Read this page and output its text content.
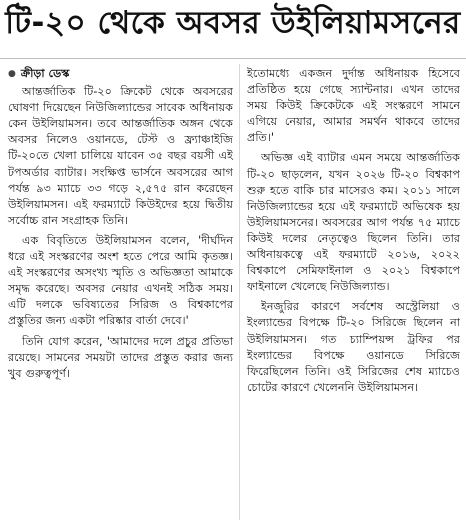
টি-২০ থেকে অবসর উইলিয়ামসনের
● ক্রীড়া ডেস্ক

আন্তর্জাতিক টি-২০ ক্রিকেট থেকে অবসরের ঘোষণা দিয়েছেন নিউজিল্যান্ডের সাবেক অধিনায়ক কেন উইলিয়ামসন। তবে আন্তর্জাতিক অঙ্গন থেকে অবসর নিলেও ওয়ানডে, টেস্ট ও ফ্র্যাঞ্চাইজি টি-২০তে খেলা চালিয়ে যাবেন ৩৫ বছর বয়সী এই টপঅর্ডার ব্যাটার। সংক্ষিপ্ত ভার্সনে অবসরের আগ পর্যন্ত ৯৩ ম্যাচে ৩৩ গড়ে ২,৫৭৫ রান করেছেন উইলিয়ামসন। এই ফরম্যাটে কিউইদের হয়ে দ্বিতীয় সর্বোচ্চ রান সংগ্রাহক তিনি।

এক বিবৃতিতে উইলিয়ামসন বলেন, 'দীর্ঘদিন ধরে এই সংস্করণের অংশ হতে পেরে আমি কৃতজ্ঞ। এই সংস্করণের অসংখ্য স্মৃতি ও অভিজ্ঞতা আমাকে সমৃদ্ধ করেছে। অবসর নেয়ার এখনই সঠিক সময়। এটি দলকে ভবিষ্যতের সিরিজ ও বিশ্বকাপের প্রস্তুতির জন্য একটা পরিষ্কার বার্তা দেবে।'

তিনি যোগ করেন, 'আমাদের দলে প্রচুর প্রতিভা রয়েছে। সামনের সময়টা তাদের প্রস্তুত করার জন্য খুব গুরুত্বপূর্ণ।

ইতোমধ্যে একজন দুর্দান্ত অধিনায়ক হিসেবে প্রতিষ্ঠিত হয়ে গেছে স্যান্টনার। এখন তাদের সময় কিউই ক্রিকেটকে এই সংস্করণে সামনে এগিয়ে নেয়ার, আমার সমর্থন থাকবে তাদের প্রতি।'

অভিজ্ঞ এই ব্যাটার এমন সময়ে আন্তর্জাতিক টি-২০ ছাড়লেন, যখন ২০২৬ টি-২০ বিশ্বকাপ শুরু হতে বাকি চার মাসেরও কম। ২০১১ সালে নিউজিল্যান্ডের হয়ে এই ফরম্যাটে অভিষেক হয় উইলিয়ামসনের। অবসরের আগ পর্যন্ত ৭৫ ম্যাচে কিউই দলের নেতৃত্বেও ছিলেন তিনি। তার অধিনায়কত্বে এই ফরম্যাটে ২০১৬, ২০২২ বিশ্বকাপে সেমিফাইনাল ও ২০২১ বিশ্বকাপে ফাইনালে খেলেছে নিউজিল্যান্ড।

ইনজুরির কারণে সর্বশেষ অস্ট্রেলিয়া ও ইংল্যান্ডের বিপক্ষে টি-২০ সিরিজে ছিলেন না উইলিয়ামসন। গত চ্যাম্পিয়ন্স ট্রফির পর ইংল্যান্ডের বিপক্ষে ওয়ানডে সিরিজে ফিরেছিলেন তিনি। ওই সিরিজের শেষ ম্যাচেও চোটের কারণে খেলেননি উইলিয়ামসন।
